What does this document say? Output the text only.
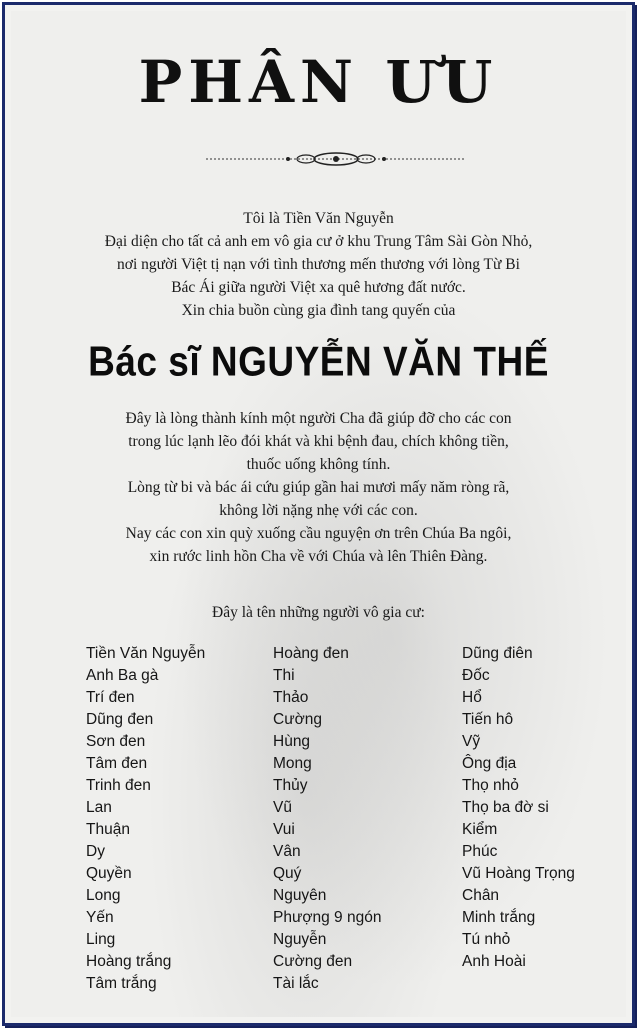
PHÂN ƯU
Tôi là Tiền Văn Nguyễn
Đại diện cho tất cả anh em vô gia cư ở khu Trung Tâm Sài Gòn Nhỏ,
nơi người Việt tị nạn với tình thương mến thương với lòng Từ Bi
Bác Ái giữa người Việt xa quê hương đất nước.
Xin chia buồn cùng gia đình tang quyến của
Bác sĩ NGUYỄN VĂN THẾ
Đây là lòng thành kính một người Cha đã giúp đỡ cho các con
trong lúc lạnh lẽo đói khát và khi bệnh đau, chích không tiền,
thuốc uống không tính.
Lòng từ bi và bác ái cứu giúp gần hai mươi mấy năm ròng rã,
không lời nặng nhẹ với các con.
Nay các con xin quỳ xuống cầu nguyện ơn trên Chúa Ba ngôi,
xin rước linh hồn Cha về với Chúa và lên Thiên Đàng.
Đây là tên những người vô gia cư:
Tiền Văn Nguyễn
Anh Ba gà
Trí đen
Dũng đen
Sơn đen
Tâm đen
Trinh đen
Lan
Thuận
Dy
Quyền
Long
Yến
Ling
Hoàng trắng
Tâm trắng
Hoàng đen
Thi
Thảo
Cường
Hùng
Mong
Thủy
Vũ
Vui
Vân
Quý
Nguyên
Phượng 9 ngón
Nguyễn
Cường đen
Tài lắc
Dũng điên
Đốc
Hổ
Tiến hô
Vỹ
Ông địa
Thọ nhỏ
Thọ ba đờ si
Kiểm
Phúc
Vũ Hoàng Trọng
Chân
Minh trắng
Tú nhỏ
Anh Hoài
